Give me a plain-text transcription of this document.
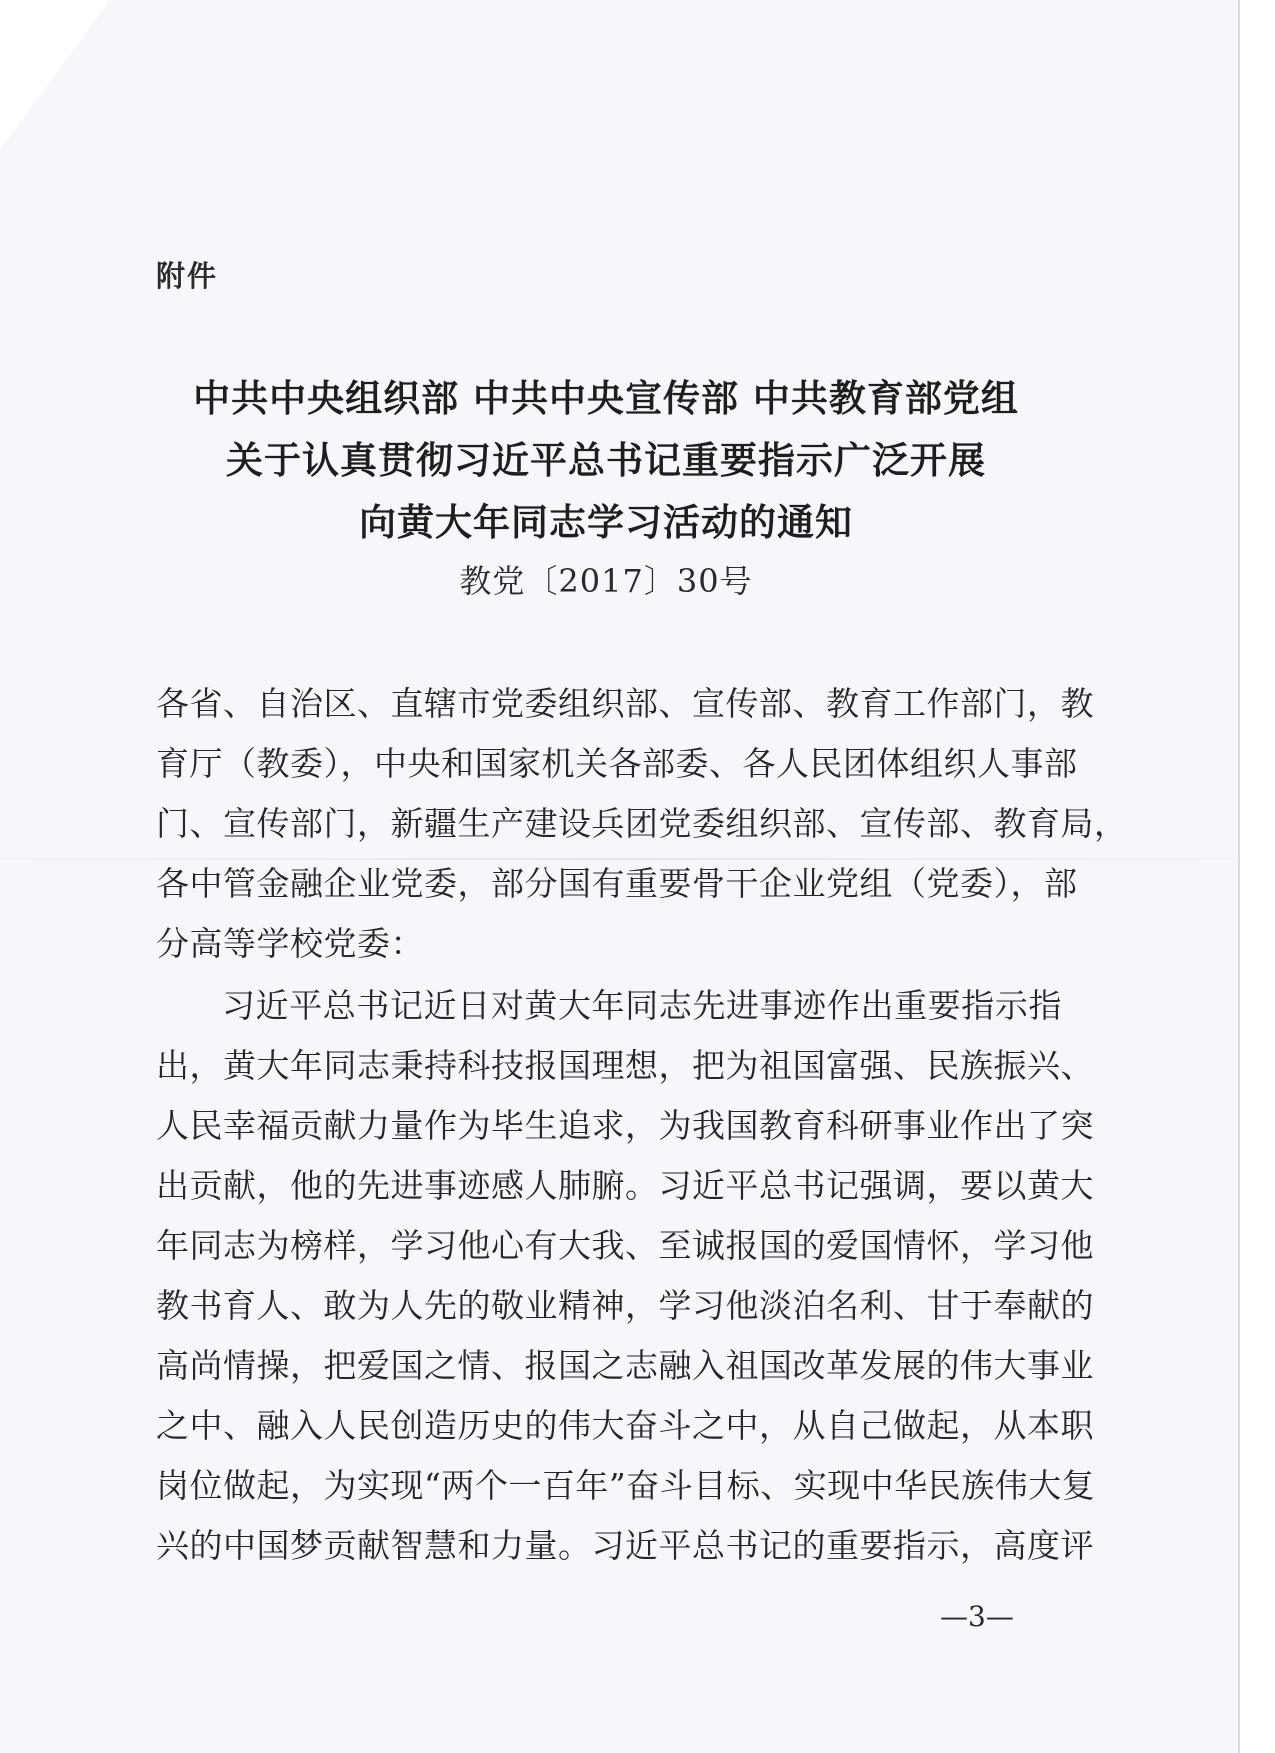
附件
中共中央组织部 中共中央宣传部 中共教育部党组
关于认真贯彻习近平总书记重要指示广泛开展
向黄大年同志学习活动的通知
教党〔2017〕30号
各省、自治区、直辖市党委组织部、宣传部、教育工作部门，教
育厅（教委），中央和国家机关各部委、各人民团体组织人事部
门、宣传部门，新疆生产建设兵团党委组织部、宣传部、教育局，
各中管金融企业党委，部分国有重要骨干企业党组（党委），部
分高等学校党委：
习近平总书记近日对黄大年同志先进事迹作出重要指示指
出，黄大年同志秉持科技报国理想，把为祖国富强、民族振兴、
人民幸福贡献力量作为毕生追求，为我国教育科研事业作出了突
出贡献，他的先进事迹感人肺腑。习近平总书记强调，要以黄大
年同志为榜样，学习他心有大我、至诚报国的爱国情怀，学习他
教书育人、敢为人先的敬业精神，学习他淡泊名利、甘于奉献的
高尚情操，把爱国之情、报国之志融入祖国改革发展的伟大事业
之中、融入人民创造历史的伟大奋斗之中，从自己做起，从本职
岗位做起，为实现“两个一百年”奋斗目标、实现中华民族伟大复
兴的中国梦贡献智慧和力量。习近平总书记的重要指示，高度评
—3—
